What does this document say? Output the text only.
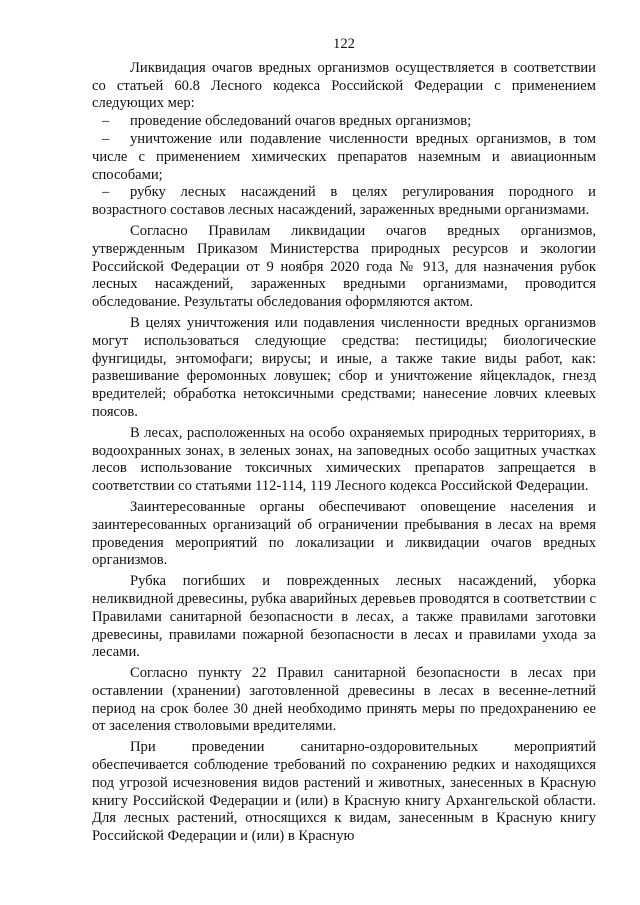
122

Ликвидация очагов вредных организмов осуществляется в соответствии со статьей 60.8 Лесного кодекса Российской Федерации с применением следующих мер:

– проведение обследований очагов вредных организмов;

– уничтожение или подавление численности вредных организмов, в том числе с применением химических препаратов наземным и авиационным способами;

– рубку лесных насаждений в целях регулирования породного и возрастного составов лесных насаждений, зараженных вредными организмами.

Согласно Правилам ликвидации очагов вредных организмов, утвержденным Приказом Министерства природных ресурсов и экологии Российской Федерации от 9 ноября 2020 года № 913, для назначения рубок лесных насаждений, зараженных вредными организмами, проводится обследование. Результаты обследования оформляются актом.

В целях уничтожения или подавления численности вредных организмов могут использоваться следующие средства: пестициды; биологические фунгициды, энтомофаги; вирусы; и иные, а также такие виды работ, как: развешивание феромонных ловушек; сбор и уничтожение яйцекладок, гнезд вредителей; обработка нетоксичными средствами; нанесение ловчих клеевых поясов.

В лесах, расположенных на особо охраняемых природных территориях, в водоохранных зонах, в зеленых зонах, на заповедных особо защитных участках лесов использование токсичных химических препаратов запрещается в соответствии со статьями 112-114, 119 Лесного кодекса Российской Федерации.

Заинтересованные органы обеспечивают оповещение населения и заинтересованных организаций об ограничении пребывания в лесах на время проведения мероприятий по локализации и ликвидации очагов вредных организмов.

Рубка погибших и поврежденных лесных насаждений, уборка неликвидной древесины, рубка аварийных деревьев проводятся в соответствии с Правилами санитарной безопасности в лесах, а также правилами заготовки древесины, правилами пожарной безопасности в лесах и правилами ухода за лесами.

Согласно пункту 22 Правил санитарной безопасности в лесах при оставлении (хранении) заготовленной древесины в лесах в весенне-летний период на срок более 30 дней необходимо принять меры по предохранению ее от заселения стволовыми вредителями.

При проведении санитарно-оздоровительных мероприятий обеспечивается соблюдение требований по сохранению редких и находящихся под угрозой исчезновения видов растений и животных, занесенных в Красную книгу Российской Федерации и (или) в Красную книгу Архангельской области. Для лесных растений, относящихся к видам, занесенным в Красную книгу Российской Федерации и (или) в Красную
